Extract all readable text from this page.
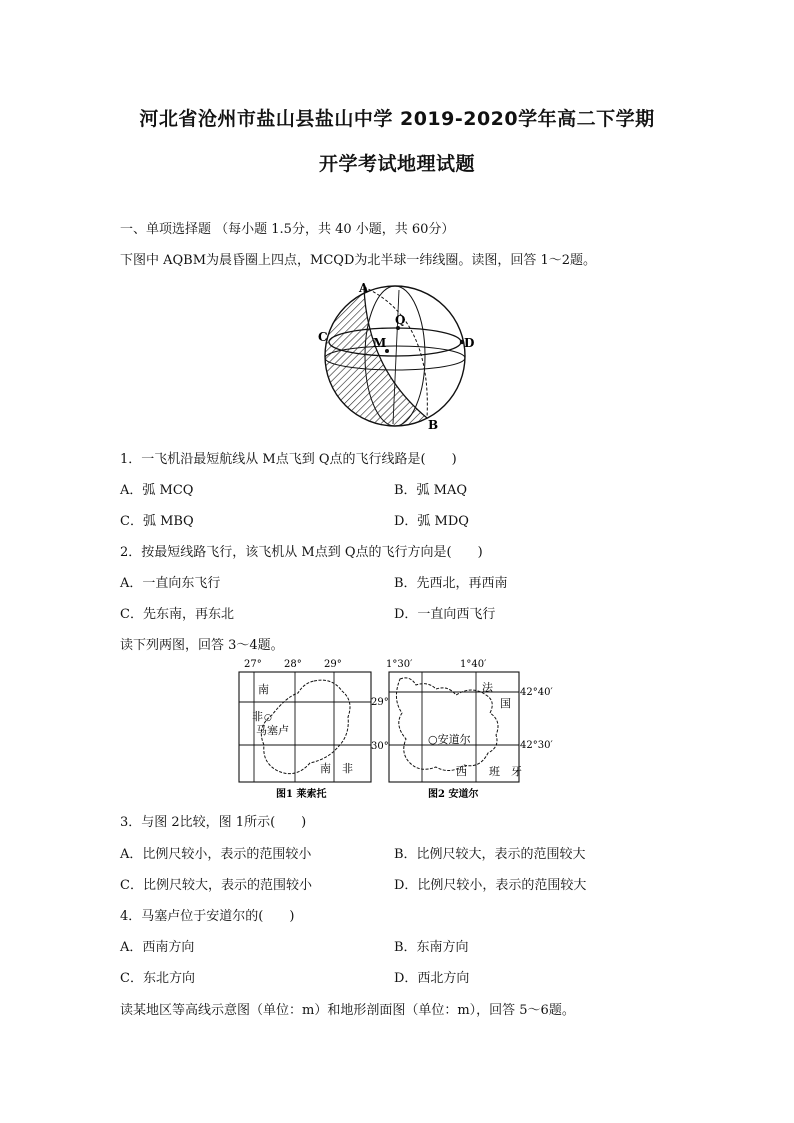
河北省沧州市盐山县盐山中学 2019-2020学年高二下学期
开学考试地理试题
一、单项选择题 （每小题 1.5分，共 40 小题，共 60分）
下图中 AQBM为晨昏圈上四点，MCQD为北半球一纬线圈。读图，回答 1～2题。
A
Q
C	M	D
B
1．一飞机沿最短航线从 M点飞到 Q点的飞行线路是(　　)
A．弧 MCQ	B．弧 MAQ
C．弧 MBQ	D．弧 MDQ
2．按最短线路飞行，该飞机从 M点到 Q点的飞行方向是(　　)
A．一直向东飞行	B．先西北，再西南
C．先东南，再东北	D．一直向西飞行
读下列两图，回答 3～4题。
27° 28° 29°
南
非 ○
马塞卢
南　非
29°
30°
图1 莱索托
1°30′	1°40′
法
国
○安道尔
西　　班　牙
42°40′
42°30′
图2 安道尔
3．与图 2比较，图 1所示(　　)
A．比例尺较小，表示的范围较小	B．比例尺较大，表示的范围较大
C．比例尺较大，表示的范围较小	D．比例尺较小，表示的范围较大
4．马塞卢位于安道尔的(　　)
A．西南方向	B．东南方向
C．东北方向	D．西北方向
读某地区等高线示意图（单位：m）和地形剖面图（单位：m），回答 5～6题。
